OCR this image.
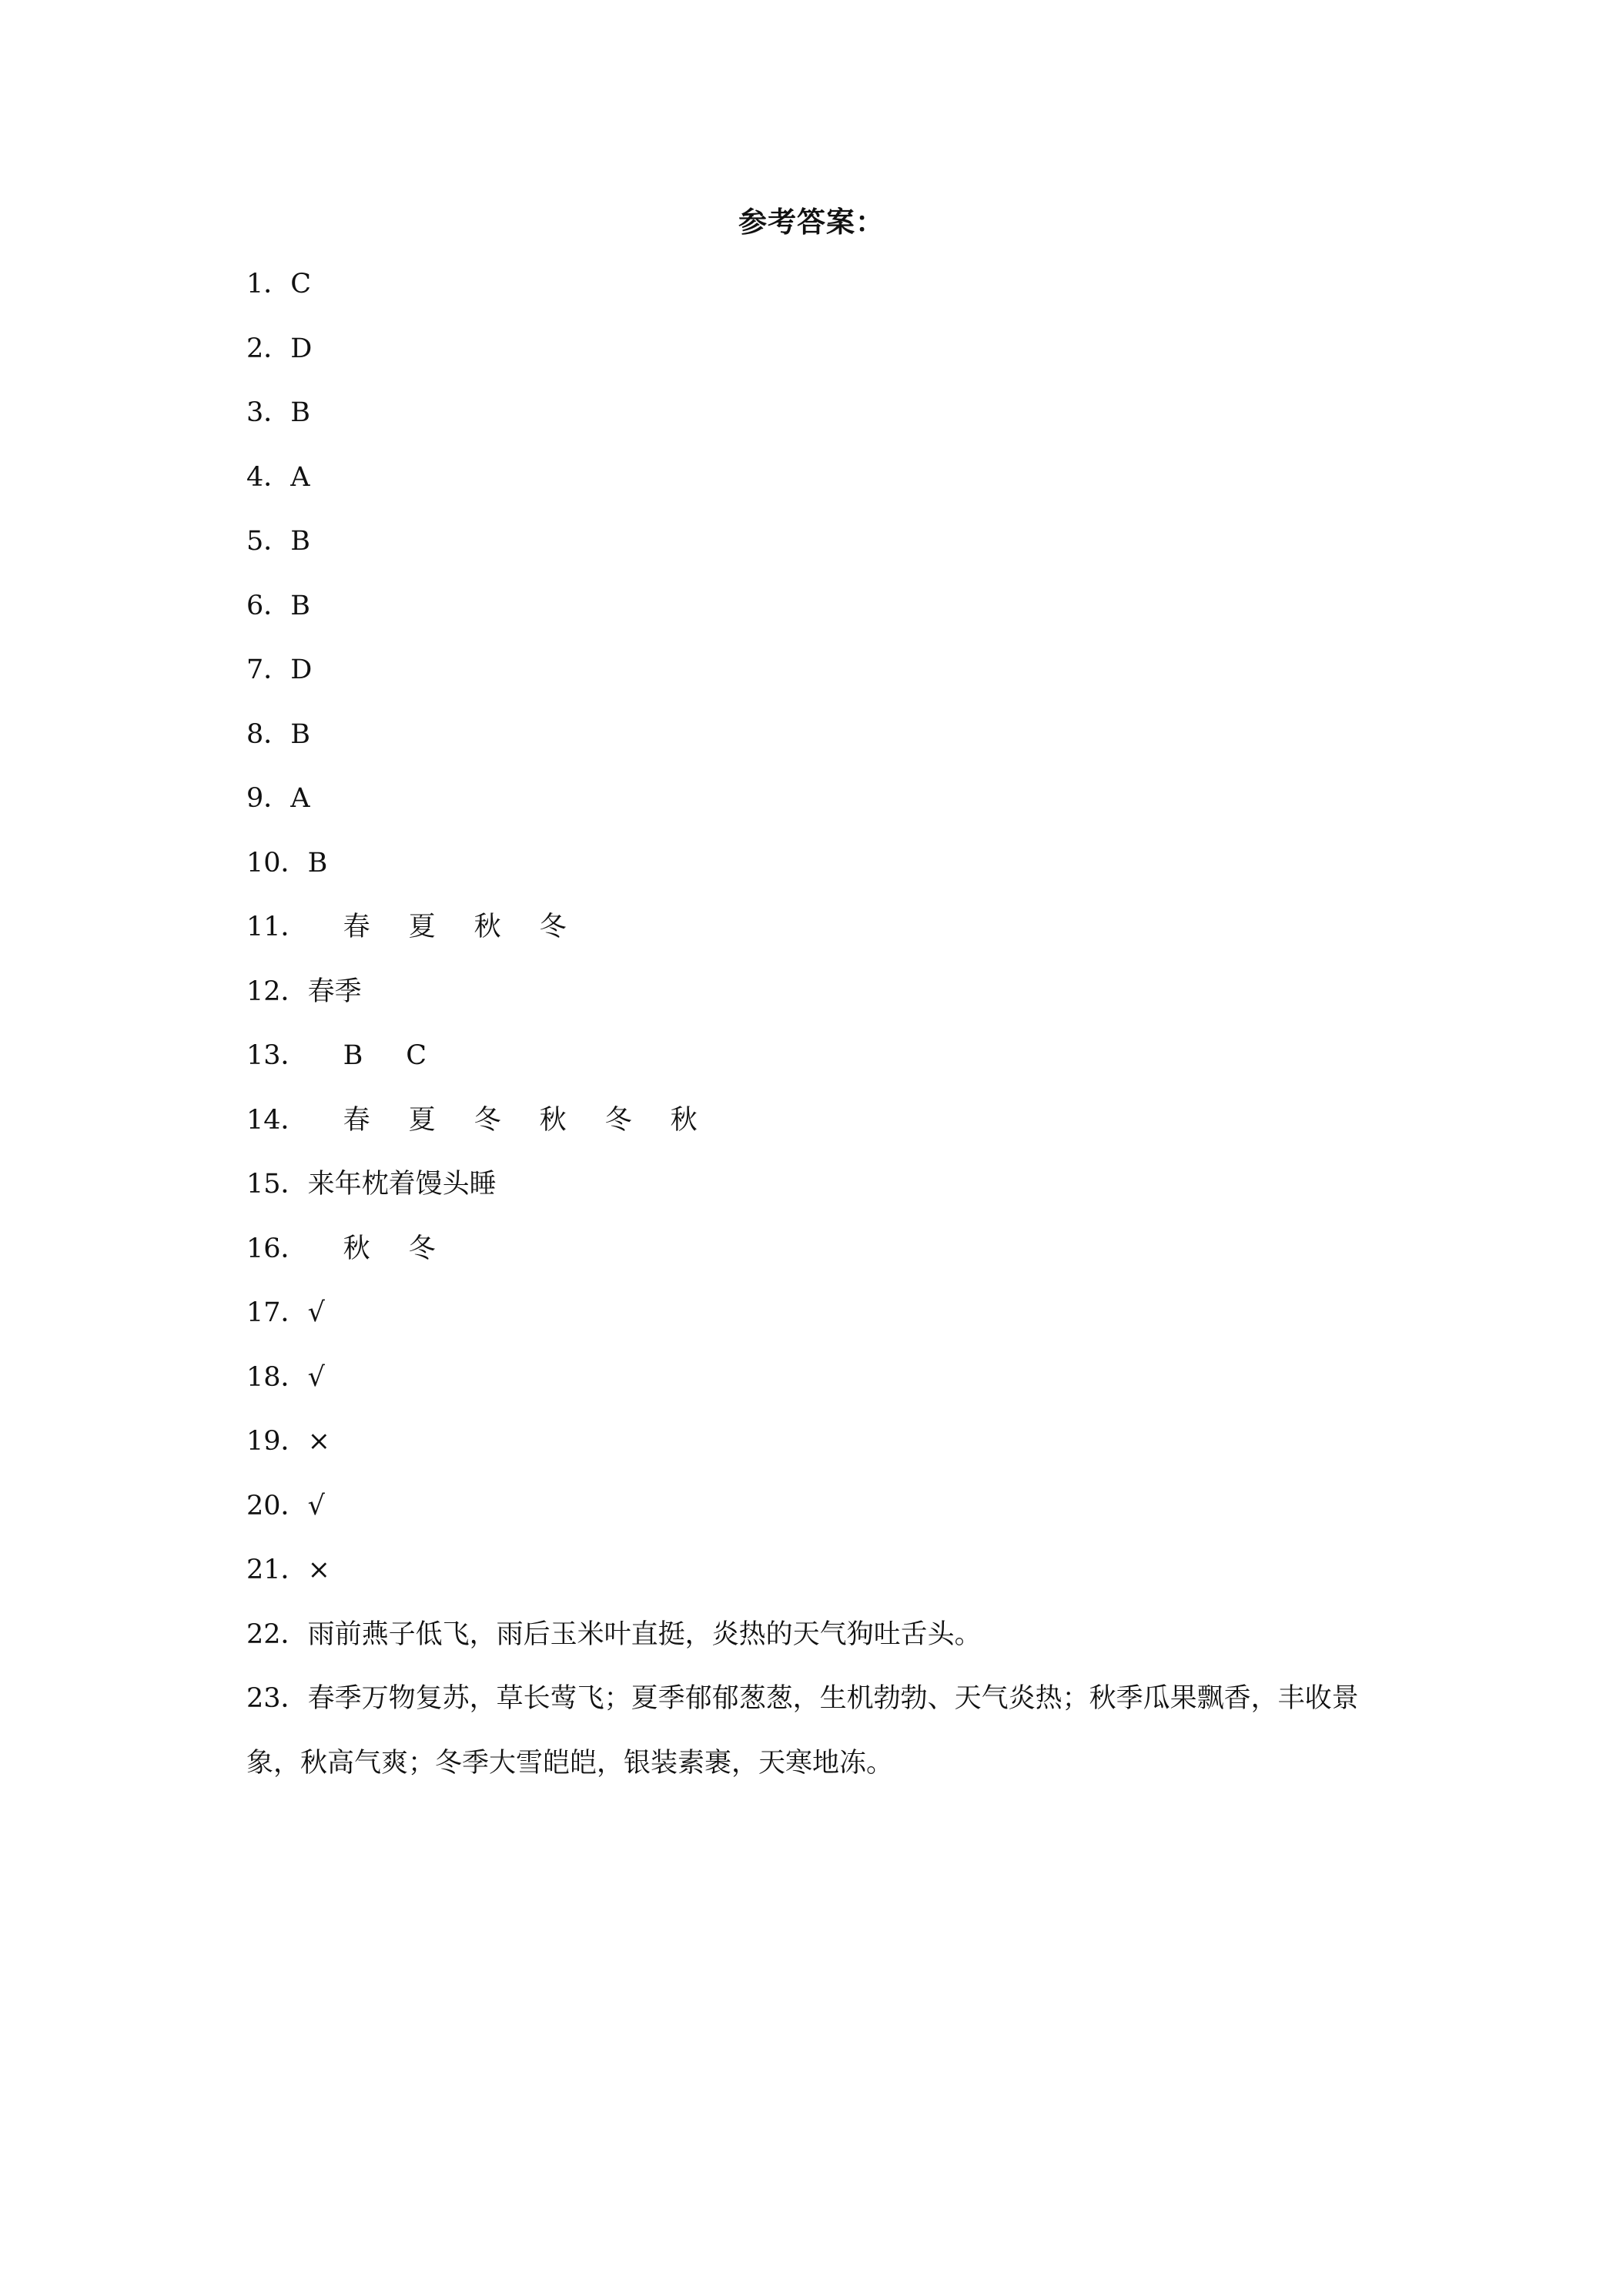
参考答案：
1 ．	C
2 ．	D
3 ．	B
4 ．	A
5 ．	B
6 ．	B
7 ．	D
8 ．	B
9 ．	A
10 ．	B
11 ．	春 夏 秋 冬
12 ．	春季
13 ．	B C
14 ．	春 夏 冬 秋 冬 秋
15 ．	来年枕着馒头睡
16 ．	秋 冬
17 ．	√
18 ．	√
19 ．	×
20 ．	√
21 ．	×
22 ．	雨前燕子低飞，雨后玉米叶直挺，炎热的天气狗吐舌头。
23 ． 春季万物复苏，草长莺飞；夏季郁郁葱葱，生机勃勃、天气炎热；秋季瓜果飘香，丰收景象，秋高气爽；冬季大雪皑皑，银装素裹，天寒地冻。
